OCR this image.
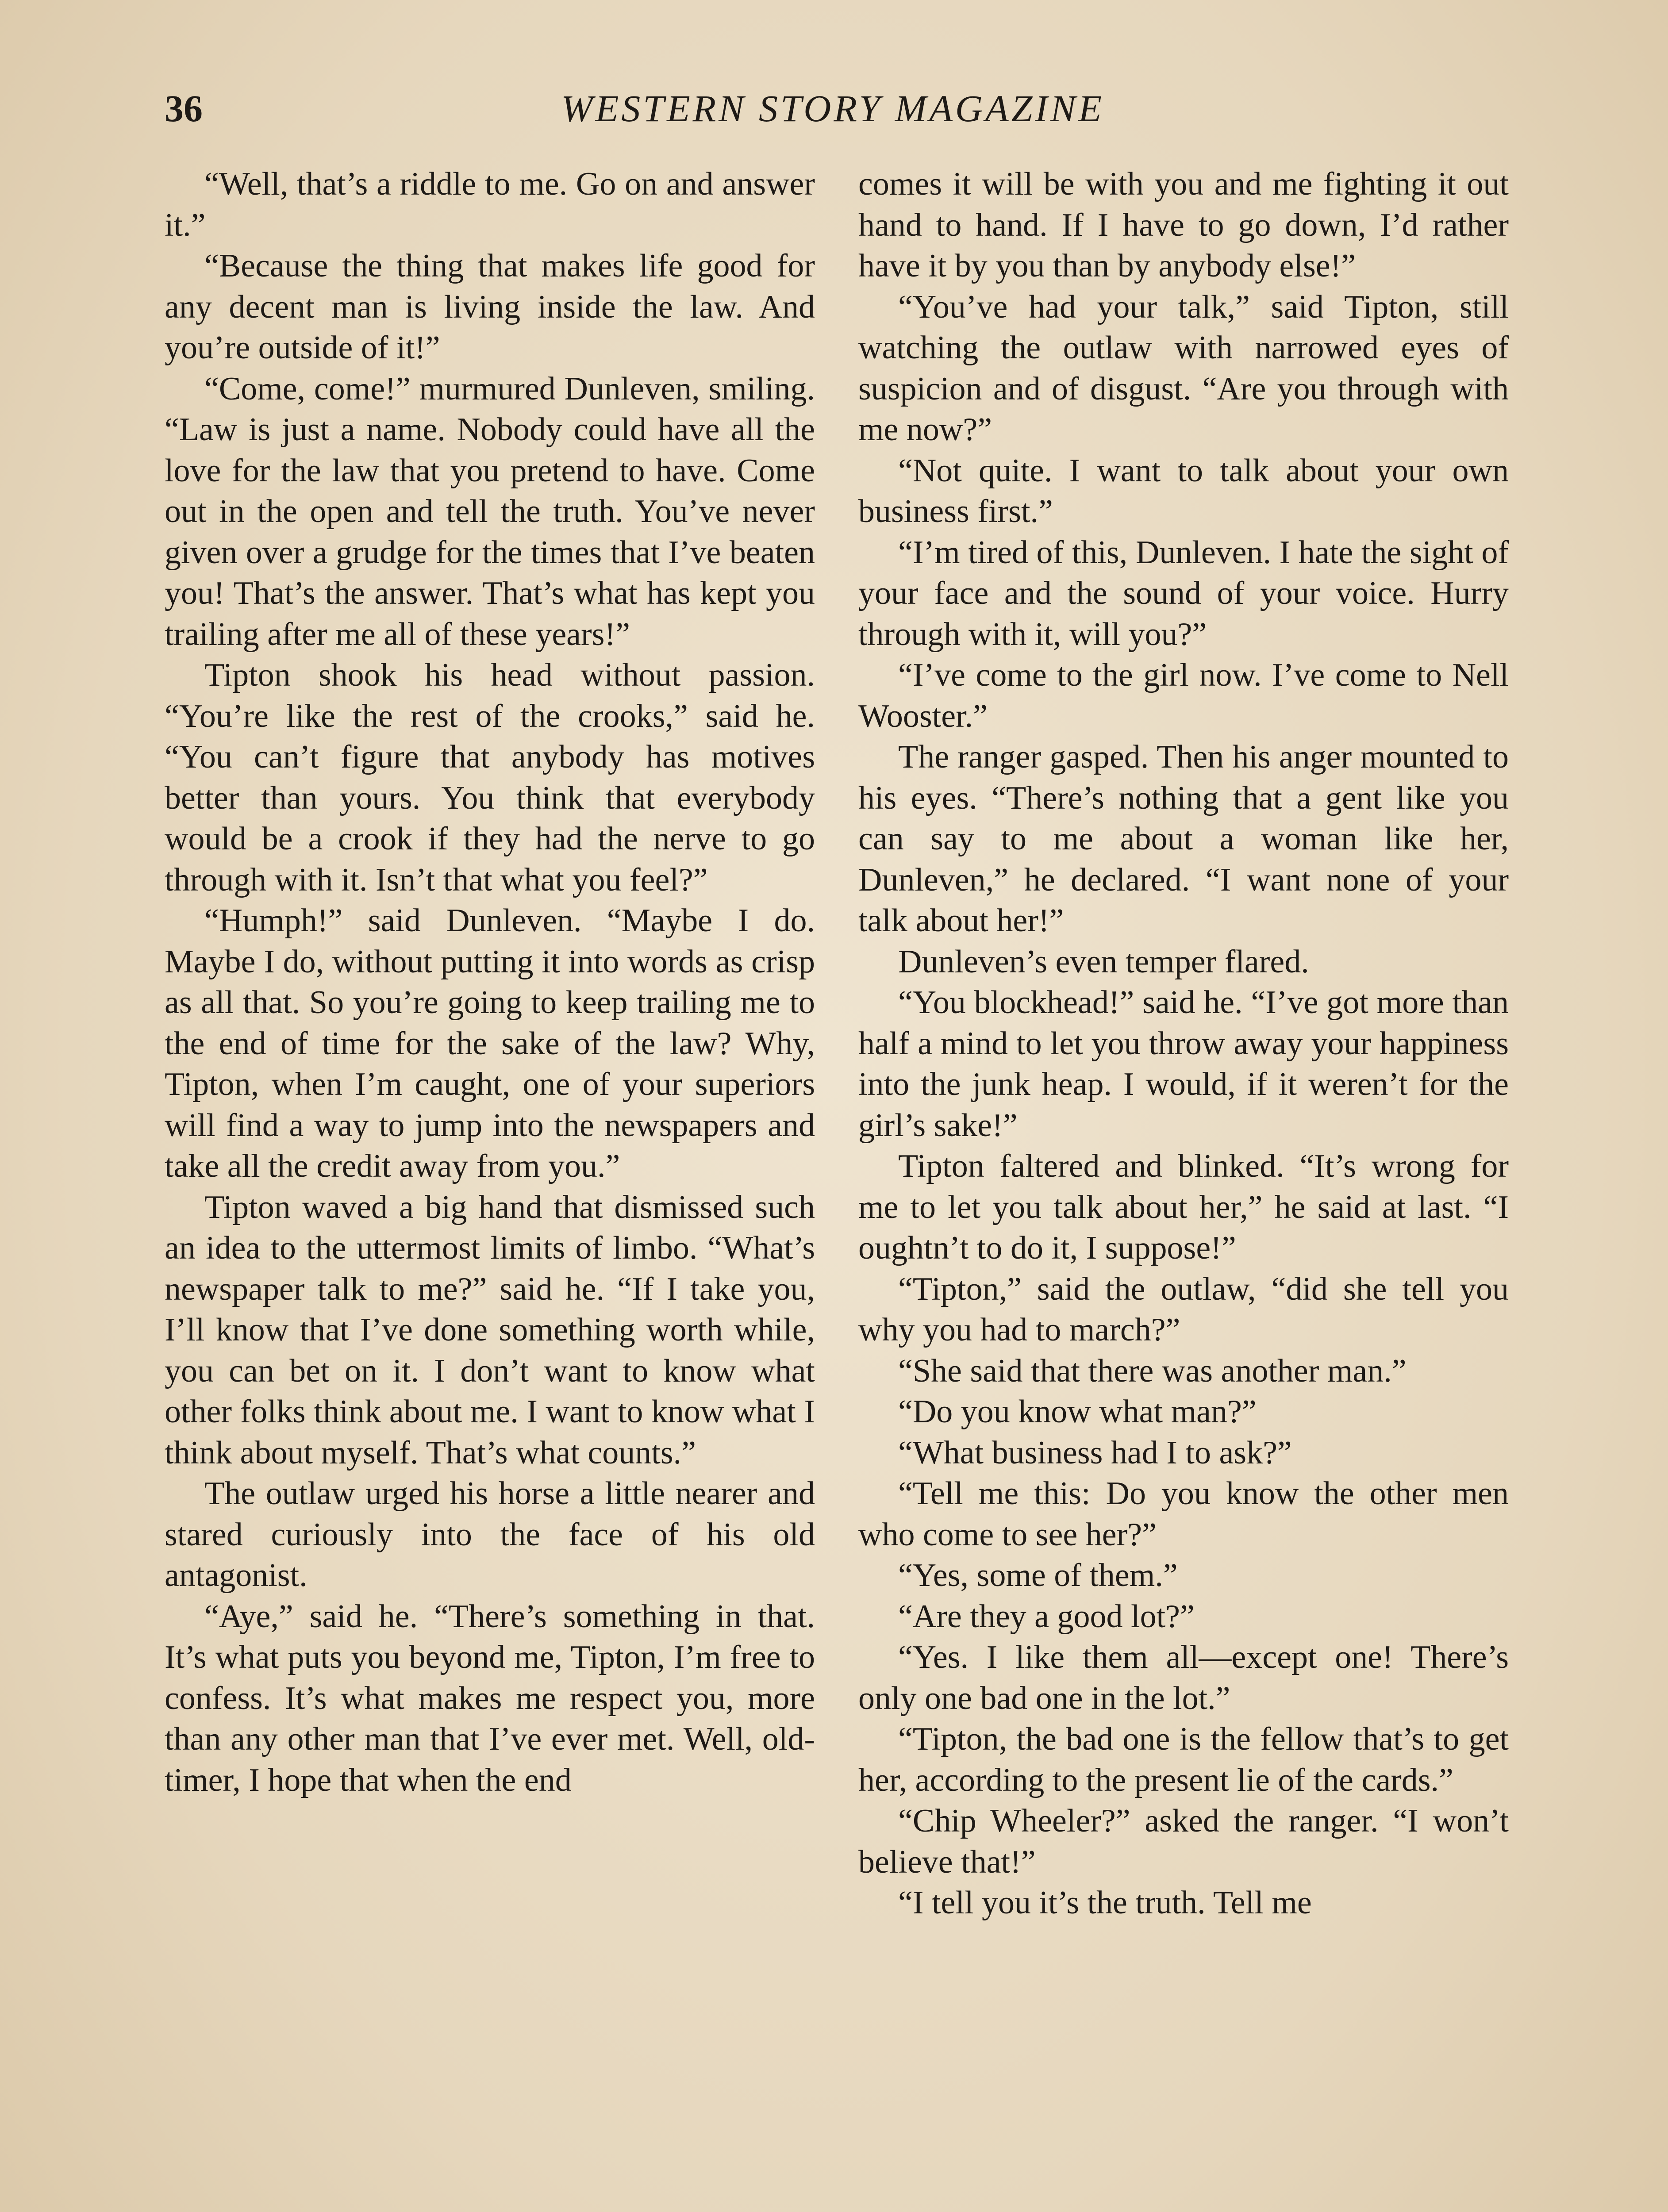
36	WESTERN STORY MAGAZINE

“Well, that’s a riddle to me. Go on and answer it.”

“Because the thing that makes life good for any decent man is living inside the law. And you’re outside of it!”

“Come, come!” murmured Dunleven, smiling. “Law is just a name. Nobody could have all the love for the law that you pretend to have. Come out in the open and tell the truth. You’ve never given over a grudge for the times that I’ve beaten you! That’s the answer. That’s what has kept you trailing after me all of these years!”

Tipton shook his head without passion. “You’re like the rest of the crooks,” said he. “You can’t figure that anybody has motives better than yours. You think that everybody would be a crook if they had the nerve to go through with it. Isn’t that what you feel?”

“Humph!” said Dunleven. “Maybe I do. Maybe I do, without putting it into words as crisp as all that. So you’re going to keep trailing me to the end of time for the sake of the law? Why, Tipton, when I’m caught, one of your superiors will find a way to jump into the newspapers and take all the credit away from you.”

Tipton waved a big hand that dismissed such an idea to the uttermost limits of limbo. “What’s newspaper talk to me?” said he. “If I take you, I’ll know that I’ve done something worth while, you can bet on it. I don’t want to know what other folks think about me. I want to know what I think about myself. That’s what counts.”

The outlaw urged his horse a little nearer and stared curiously into the face of his old antagonist.

“Aye,” said he. “There’s something in that. It’s what puts you beyond me, Tipton, I’m free to confess. It’s what makes me respect you, more than any other man that I’ve ever met. Well, old-timer, I hope that when the end

comes it will be with you and me fighting it out hand to hand. If I have to go down, I’d rather have it by you than by anybody else!”

“You’ve had your talk,” said Tipton, still watching the outlaw with narrowed eyes of suspicion and of disgust. “Are you through with me now?”

“Not quite. I want to talk about your own business first.”

“I’m tired of this, Dunleven. I hate the sight of your face and the sound of your voice. Hurry through with it, will you?”

“I’ve come to the girl now. I’ve come to Nell Wooster.”

The ranger gasped. Then his anger mounted to his eyes. “There’s nothing that a gent like you can say to me about a woman like her, Dunleven,” he declared. “I want none of your talk about her!”

Dunleven’s even temper flared.

“You blockhead!” said he. “I’ve got more than half a mind to let you throw away your happiness into the junk heap. I would, if it weren’t for the girl’s sake!”

Tipton faltered and blinked. “It’s wrong for me to let you talk about her,” he said at last. “I oughtn’t to do it, I suppose!”

“Tipton,” said the outlaw, “did she tell you why you had to march?”

“She said that there was another man.”

“Do you know what man?”

“What business had I to ask?”

“Tell me this: Do you know the other men who come to see her?”

“Yes, some of them.”

“Are they a good lot?”

“Yes. I like them all—except one! There’s only one bad one in the lot.”

“Tipton, the bad one is the fellow that’s to get her, according to the present lie of the cards.”

“Chip Wheeler?” asked the ranger. “I won’t believe that!”

“I tell you it’s the truth. Tell me
